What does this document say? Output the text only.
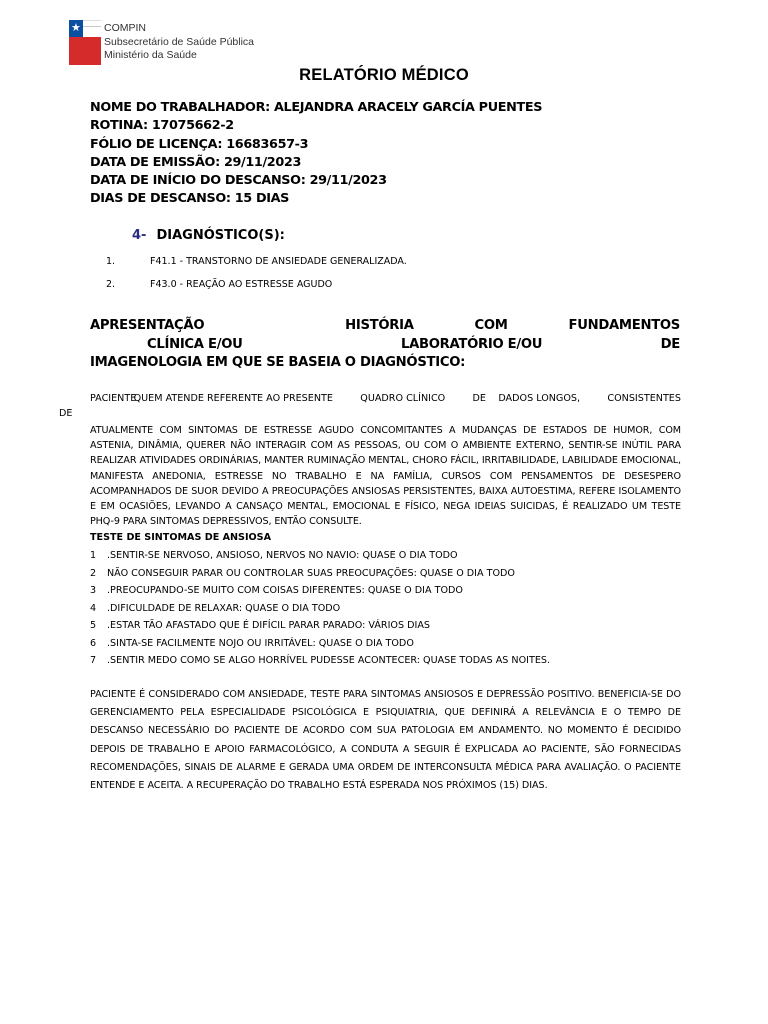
★ COMPIN
Subsecretário de Saúde Pública
Ministério da Saúde
RELATÓRIO MÉDICO
NOME DO TRABALHADOR: ALEJANDRA ARACELY GARCÍA PUENTES
ROTINA: 17075662-2
FÓLIO DE LICENÇA: 16683657-3
DATA DE EMISSÃO: 29/11/2023
DATA DE INÍCIO DO DESCANSO: 29/11/2023
DIAS DE DESCANSO: 15 DIAS
4- DIAGNÓSTICO(S):
1.	F41.1 - TRANSTORNO DE ANSIEDADE GENERALIZADA.
2.	F43.0 - REAÇÃO AO ESTRESSE AGUDO
APRESENTAÇÃO	HISTÓRIA	COM	FUNDAMENTOS
CLÍNICA E/OU	LABORATÓRIO E/OU	DE
IMAGENOLOGIA EM QUE SE BASEIA O DIAGNÓSTICO:
PACIENTE
QUEM ATENDE REFERENTE AO PRESENTE	QUADRO CLÍNICO	DE DADOS LONGOS,	CONSISTENTES
DE

ATUALMENTE COM SINTOMAS DE ESTRESSE AGUDO CONCOMITANTES A MUDANÇAS DE ESTADOS DE HUMOR, COM ASTENIA, DINÂMIA, QUERER NÃO INTERAGIR COM AS PESSOAS, OU COM O AMBIENTE EXTERNO, SENTIR-SE INÚTIL PARA REALIZAR ATIVIDADES ORDINÁRIAS, MANTER RUMINAÇÃO MENTAL, CHORO FÁCIL, IRRITABILIDADE, LABILIDADE EMOCIONAL, MANIFESTA ANEDONIA, ESTRESSE NO TRABALHO E NA FAMÍLIA, CURSOS COM PENSAMENTOS DE DESESPERO ACOMPANHADOS DE SUOR DEVIDO A PREOCUPAÇÕES ANSIOSAS PERSISTENTES, BAIXA AUTOESTIMA, REFERE ISOLAMENTO E EM OCASIÕES, LEVANDO A CANSAÇO MENTAL, EMOCIONAL E FÍSICO, NEGA IDEIAS SUICIDAS, É REALIZADO UM TESTE PHQ-9 PARA SINTOMAS DEPRESSIVOS, ENTÃO CONSULTE.

TESTE DE SINTOMAS DE ANSIOSA
1 .SENTIR-SE NERVOSO, ANSIOSO, NERVOS NO NAVIO: QUASE O DIA TODO
2 NÃO CONSEGUIR PARAR OU CONTROLAR SUAS PREOCUPAÇÕES: QUASE O DIA TODO
3 .PREOCUPANDO-SE MUITO COM COISAS DIFERENTES: QUASE O DIA TODO
4 .DIFICULDADE DE RELAXAR: QUASE O DIA TODO
5 .ESTAR TÃO AFASTADO QUE É DIFÍCIL PARAR PARADO: VÁRIOS DIAS
6 .SINTA-SE FACILMENTE NOJO OU IRRITÁVEL: QUASE O DIA TODO
7 .SENTIR MEDO COMO SE ALGO HORRÍVEL PUDESSE ACONTECER: QUASE TODAS AS NOITES.
PACIENTE É CONSIDERADO COM ANSIEDADE, TESTE PARA SINTOMAS ANSIOSOS E DEPRESSÃO POSITIVO. BENEFICIA-SE DO GERENCIAMENTO PELA ESPECIALIDADE PSICOLÓGICA E PSIQUIATRIA, QUE DEFINIRÁ A RELEVÂNCIA E O TEMPO DE DESCANSO NECESSÁRIO DO PACIENTE DE ACORDO COM SUA PATOLOGIA EM ANDAMENTO. NO MOMENTO É DECIDIDO DEPOIS DE TRABALHO E APOIO FARMACOLÓGICO, A CONDUTA A SEGUIR É EXPLICADA AO PACIENTE, SÃO FORNECIDAS RECOMENDAÇÕES, SINAIS DE ALARME E GERADA UMA ORDEM DE INTERCONSULTA MÉDICA PARA AVALIAÇÃO. O PACIENTE ENTENDE E ACEITA. A RECUPERAÇÃO DO TRABALHO ESTÁ ESPERADA NOS PRÓXIMOS (15) DIAS.
